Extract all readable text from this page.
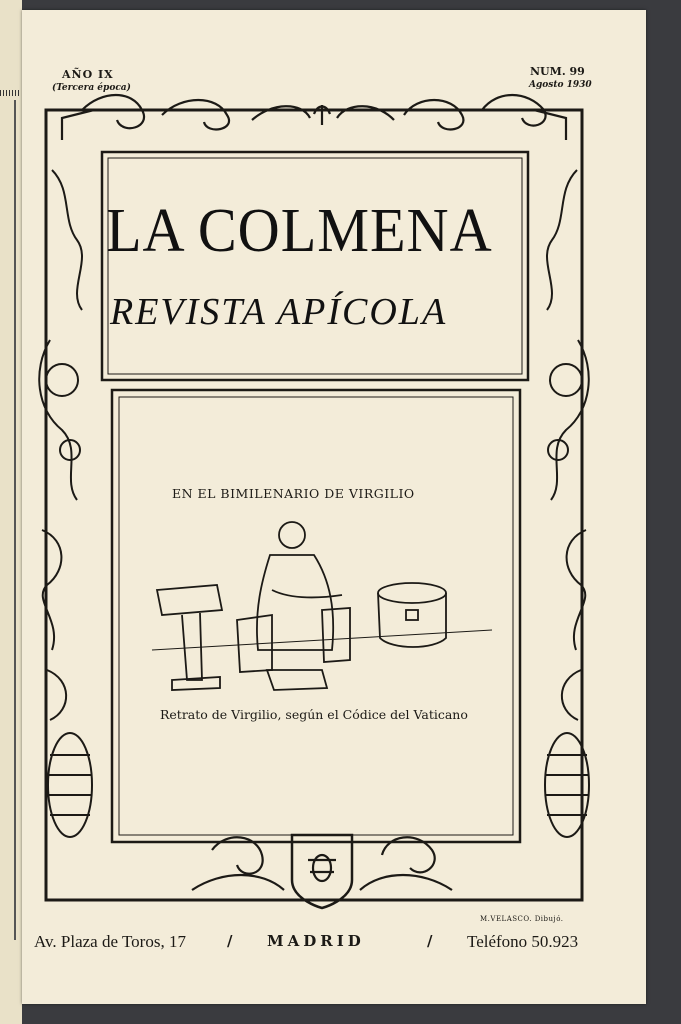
AÑO IX
(Tercera época)
NUM. 99
Agosto 1930
LA COLMENA
REVISTA APÍCOLA
EN EL BIMILENARIO DE VIRGILIO
Retrato de Virgilio, según el Códice del Vaticano
M.VELASCO. Dibujó.
Av. Plaza de Toros, 17	/ MADRID	/ Teléfono 50.923
